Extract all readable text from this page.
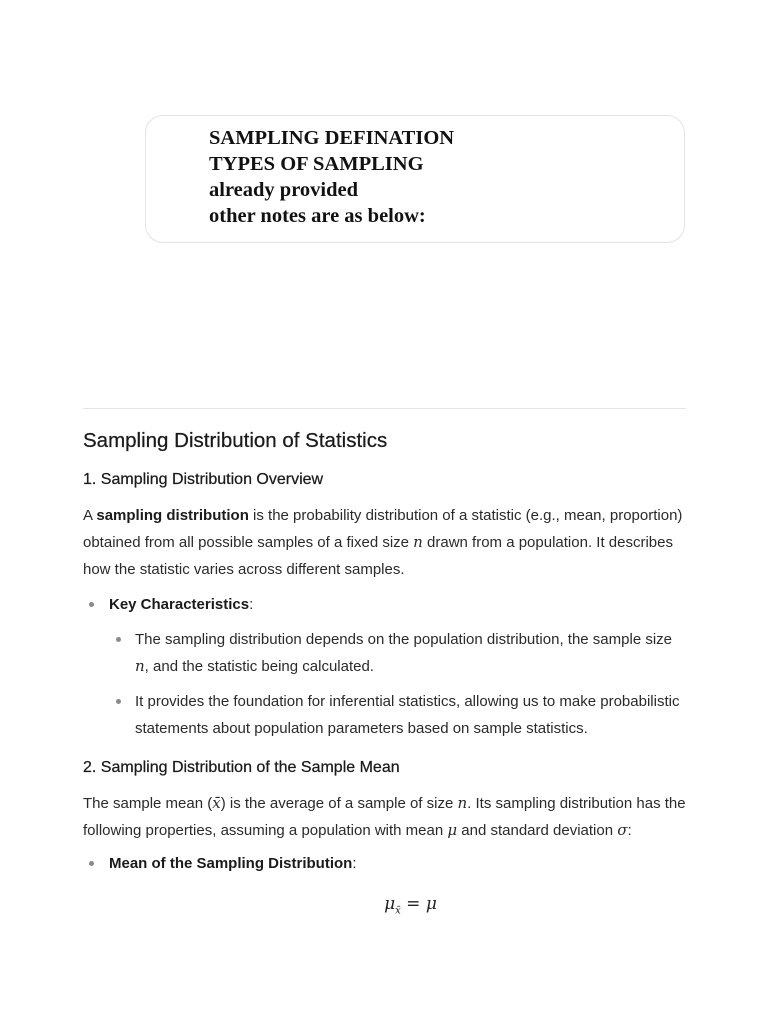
SAMPLING DEFINATION
TYPES OF SAMPLING
already provided
other notes are as below:
Sampling Distribution of Statistics
1. Sampling Distribution Overview

A sampling distribution is the probability distribution of a statistic (e.g., mean, proportion) obtained from all possible samples of a fixed size n drawn from a population. It describes how the statistic varies across different samples.

Key Characteristics:
The sampling distribution depends on the population distribution, the sample size n, and the statistic being calculated.
It provides the foundation for inferential statistics, allowing us to make probabilistic statements about population parameters based on sample statistics.
2. Sampling Distribution of the Sample Mean

The sample mean (x̄) is the average of a sample of size n. Its sampling distribution has the following properties, assuming a population with mean μ and standard deviation σ:

Mean of the Sampling Distribution:
$\mu_{x̄} = \mu$
